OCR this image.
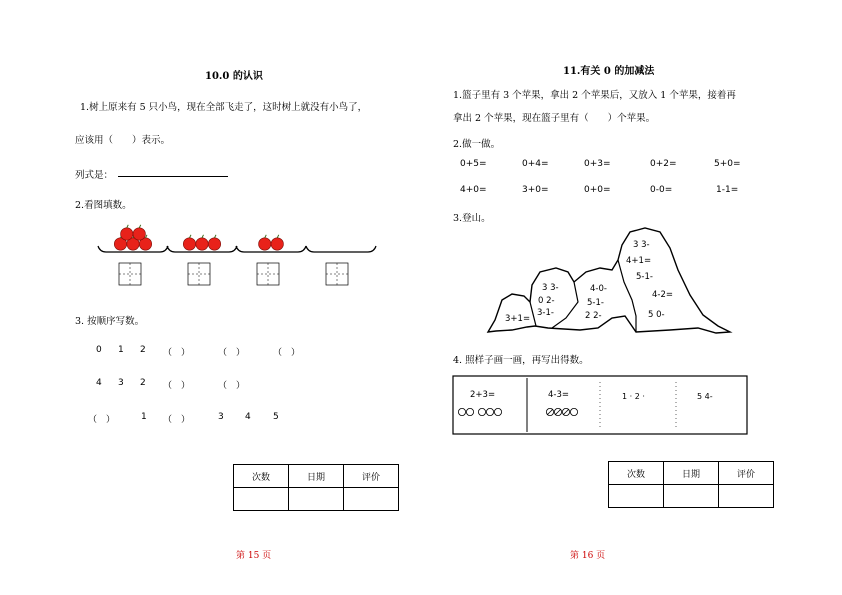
10.0 的认识
1.树上原来有 5 只小鸟，现在全部飞走了，这时树上就没有小鸟了，
应该用（　　）表示。
列式是：
2.看图填数。
3. 按顺序写数。
0 1 2 （　）	（　）	（　）
4 3 2 （　）	（　）
（　）	1 （　）	3 4 5
次数	日期	评价

第 15 页
11.有关 0 的加减法
1.篮子里有 3 个苹果，拿出 2 个苹果后，又放入 1 个苹果，接着再
拿出 2 个苹果，现在篮子里有（　　）个苹果。
2.做一做。
0+5=	0+4=	0+3=	0+2=	5+0=
4+0=	3+0=	0+0=	0-0=	1-1=
3.登山。
3+1=
3 3-
0 2-
3-1-
4-0-
5-1-
2 2-
3 3-
4+1=
5-1-
4-2=
5 0-
4. 照样子画一画，再写出得数。
2+3=	4-3=	1 · 2 ·	5 4-
次数	日期	评价

第 16 页
